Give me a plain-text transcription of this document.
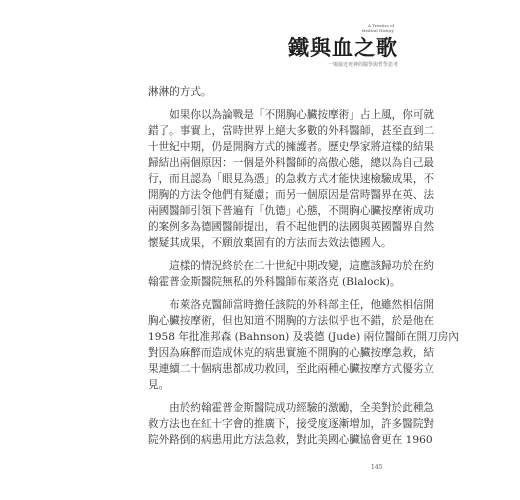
A Treatise of Medical History
鐵與血之歌
一場接近死神的醫學與哲學思考
淋淋的方式。
　　如果你以為論戰是「不開胸心臟按摩術」占上風，你可就
錯了。事實上，當時世界上絕大多數的外科醫師，甚至直到二
十世紀中期，仍是開胸方式的擁護者。歷史學家將這樣的結果
歸結出兩個原因：一個是外科醫師的高傲心態，總以為自己最
行，而且認為「眼見為憑」的急救方式才能快速檢驗成果，不
開胸的方法令他們有疑慮；而另一個原因是當時醫界在英、法
兩國醫師引領下普遍有「仇德」心態，不開胸心臟按摩術成功
的案例多為德國醫師提出，看不起他們的法國與英國醫界自然
懷疑其成果，不願放棄固有的方法而去效法德國人。
　　這樣的情況終於在二十世紀中期改變，這應該歸功於在約
翰霍普金斯醫院無私的外科醫師布萊洛克 (Blalock)。
　　布萊洛克醫師當時擔任該院的外科部主任，他雖然相信開
胸心臟按摩術，但也知道不開胸的方法似乎也不錯，於是他在
1958 年批准邦森 (Bahnson) 及裘德 (Jude) 兩位醫師在開刀房內
對因為麻醉而造成休克的病患實施不開胸的心臟按摩急救，結
果連續二十個病患都成功救回，至此兩種心臟按摩方式優劣立
見。
　　由於約翰霍普金斯醫院成功經驗的激勵，全美對於此種急
救方法也在紅十字會的推廣下，接受度逐漸增加，許多醫院對
院外路倒的病患用此方法急救，對此美國心臟協會更在 1960
145
